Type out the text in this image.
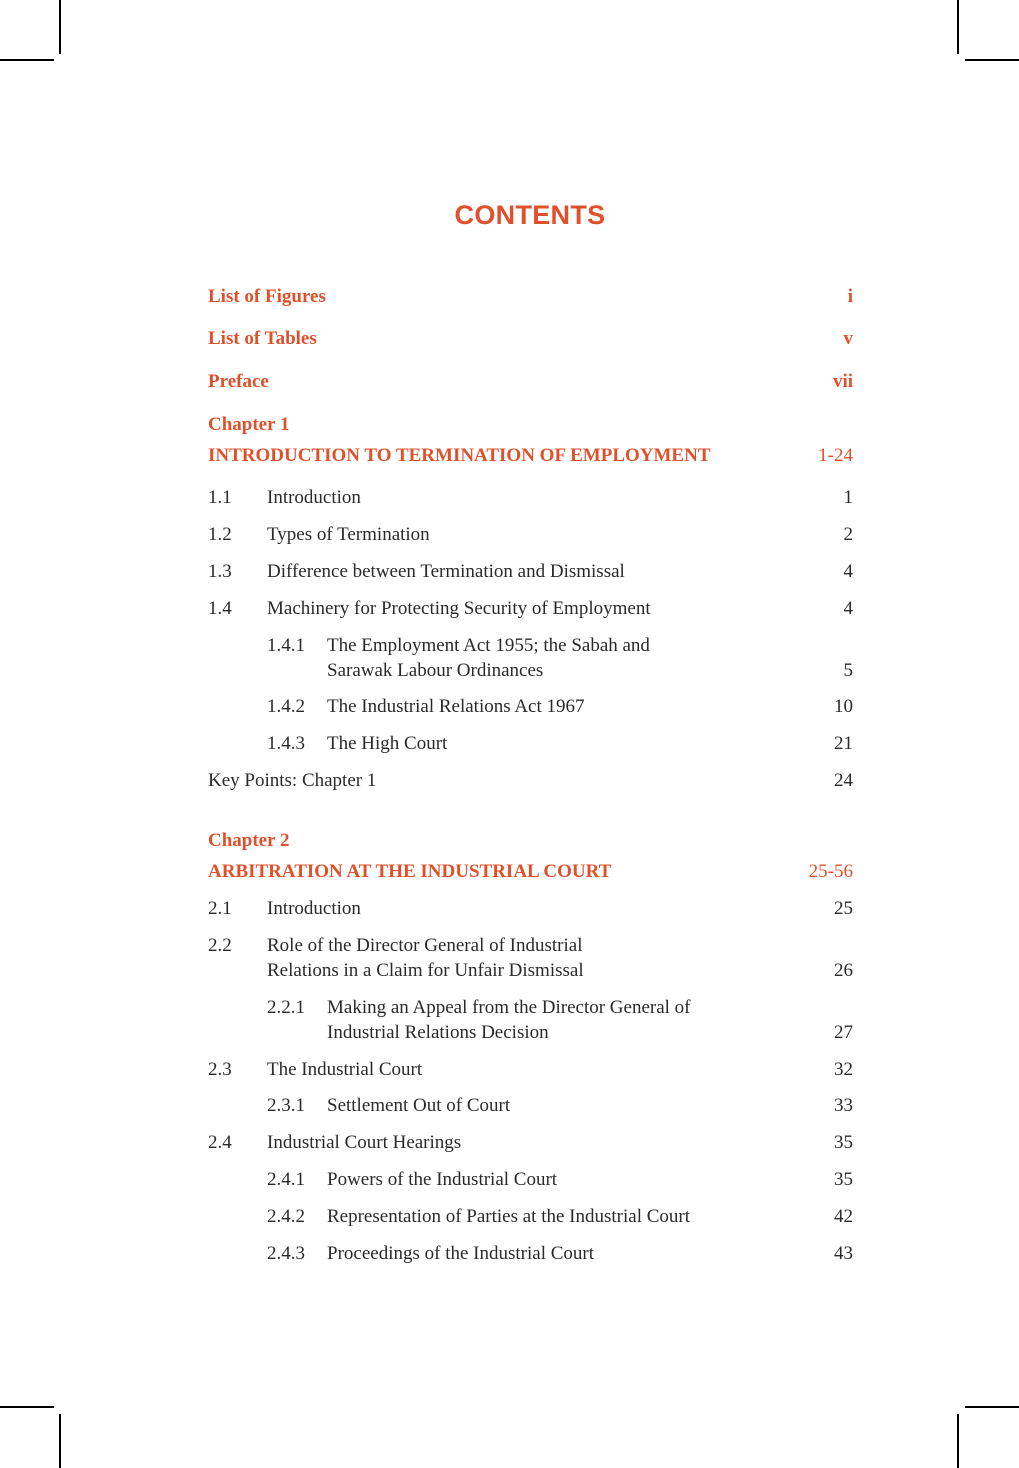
CONTENTS
List of Figures	i
List of Tables	v
Preface	vii
Chapter 1
INTRODUCTION TO TERMINATION OF EMPLOYMENT	1-24
1.1 Introduction	1
1.2 Types of Termination	2
1.3 Difference between Termination and Dismissal	4
1.4 Machinery for Protecting Security of Employment	4
1.4.1 The Employment Act 1955; the Sabah and
Sarawak Labour Ordinances	5
1.4.2 The Industrial Relations Act 1967	10
1.4.3 The High Court	21
Key Points: Chapter 1	24
Chapter 2
ARBITRATION AT THE INDUSTRIAL COURT	25-56
2.1 Introduction	25
2.2 Role of the Director General of Industrial
Relations in a Claim for Unfair Dismissal	26
2.2.1 Making an Appeal from the Director General of
Industrial Relations Decision	27
2.3 The Industrial Court	32
2.3.1 Settlement Out of Court	33
2.4 Industrial Court Hearings	35
2.4.1 Powers of the Industrial Court	35
2.4.2 Representation of Parties at the Industrial Court	42
2.4.3 Proceedings of the Industrial Court	43
